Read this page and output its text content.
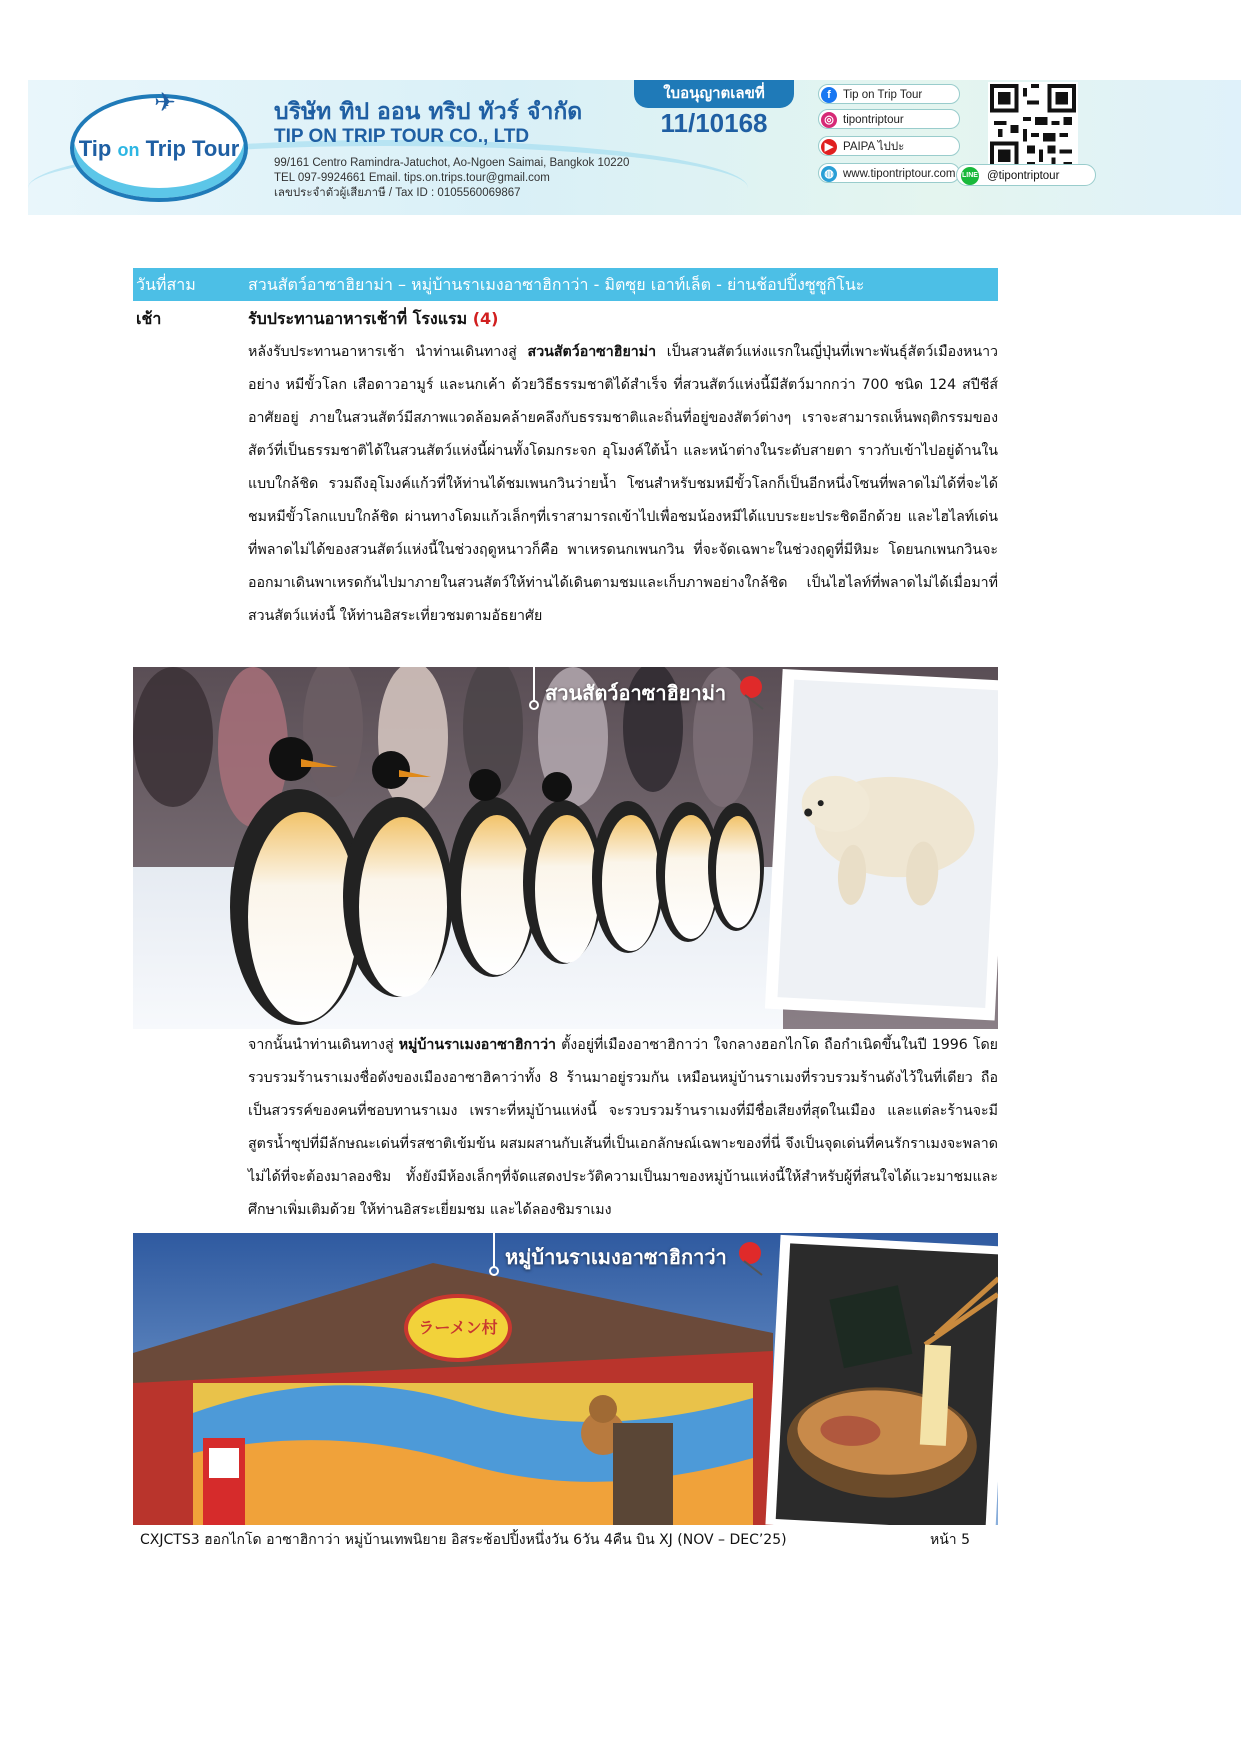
Tip on Trip Tour
✈	บริษัท ทิป ออน ทริป ทัวร์ จำกัด
TIP ON TRIP TOUR CO., LTD
99/161 Centro Ramindra-Jatuchot, Ao-Ngoen Saimai, Bangkok 10220
TEL 097-9924661 Email. tips.on.trips.tour@gmail.com
เลขประจำตัวผู้เสียภาษี / Tax ID : 0105560069867
ใบอนุญาตเลขที่
11/10168
f	Tip on Trip Tour
◎ tipontriptour
▶ PAIPA ไปปะ
◍ www.tipontriptour.com LINE @tipontriptour
วันที่สาม	สวนสัตว์อาซาฮิยาม่า – หมู่บ้านราเมงอาซาฮิกาว่า - มิตซุย เอาท์เล็ต - ย่านช้อปปิ้งซูซูกิโนะ
เช้า	รับประทานอาหารเช้าที่ โรงแรม (4)
หลังรับประทานอาหารเช้า นำท่านเดินทางสู่ สวนสัตว์อาซาฮิยาม่า เป็นสวนสัตว์แห่งแรกในญี่ปุ่นที่เพาะพันธุ์สัตว์เมืองหนาวอย่าง หมีขั้วโลก เสือดาวอามูร์ และนกเค้า ด้วยวิธีธรรมชาติได้สำเร็จ ที่สวนสัตว์แห่งนี้มีสัตว์มากกว่า 700 ชนิด 124 สปีชีส์ อาศัยอยู่ ภายในสวนสัตว์มีสภาพแวดล้อมคล้ายคลึงกับธรรมชาติและถิ่นที่อยู่ของสัตว์ต่างๆ เราจะสามารถเห็นพฤติกรรมของสัตว์ที่เป็นธรรมชาติได้ในสวนสัตว์แห่งนี้ผ่านทั้งโดมกระจก อุโมงค์ใต้น้ำ และหน้าต่างในระดับสายตา ราวกับเข้าไปอยู่ด้านในแบบใกล้ชิด รวมถึงอุโมงค์แก้วที่ให้ท่านได้ชมเพนกวินว่ายน้ำ โซนสำหรับชมหมีขั้วโลกก็เป็นอีกหนึ่งโซนที่พลาดไม่ได้ที่จะได้ชมหมีขั้วโลกแบบใกล้ชิด ผ่านทางโดมแก้วเล็กๆที่เราสามารถเข้าไปเพื่อชมน้องหมีได้แบบระยะประชิดอีกด้วย และไฮไลท์เด่นที่พลาดไม่ได้ของสวนสัตว์แห่งนี้ในช่วงฤดูหนาวก็คือ พาเหรดนกเพนกวิน ที่จะจัดเฉพาะในช่วงฤดูที่มีหิมะ โดยนกเพนกวินจะออกมาเดินพาเหรดกันไปมาภายในสวนสัตว์ให้ท่านได้เดินตามชมและเก็บภาพอย่างใกล้ชิด เป็นไฮไลท์ที่พลาดไม่ได้เมื่อมาที่สวนสัตว์แห่งนี้ ให้ท่านอิสระเที่ยวชมตามอัธยาศัย
สวนสัตว์อาซาฮิยาม่า
จากนั้นนำท่านเดินทางสู่ หมู่บ้านราเมงอาซาฮิกาว่า ตั้งอยู่ที่เมืองอาซาฮิกาว่า ใจกลางฮอกไกโด ถือกำเนิดขึ้นในปี 1996 โดยรวบรวมร้านราเมงชื่อดังของเมืองอาซาฮิคาว่าทั้ง 8 ร้านมาอยู่รวมกัน เหมือนหมู่บ้านราเมงที่รวบรวมร้านดังไว้ในที่เดียว ถือเป็นสวรรค์ของคนที่ชอบทานราเมง เพราะที่หมู่บ้านแห่งนี้ จะรวบรวมร้านราเมงที่มีชื่อเสียงที่สุดในเมือง และแต่ละร้านจะมีสูตรน้ำซุปที่มีลักษณะเด่นที่รสชาติเข้มข้น ผสมผสานกับเส้นที่เป็นเอกลักษณ์เฉพาะของที่นี่ จึงเป็นจุดเด่นที่คนรักราเมงจะพลาดไม่ได้ที่จะต้องมาลองชิม ทั้งยังมีห้องเล็กๆที่จัดแสดงประวัติความเป็นมาของหมู่บ้านแห่งนี้ให้สำหรับผู้ที่สนใจได้แวะมาชมและศึกษาเพิ่มเติมด้วย ให้ท่านอิสระเยี่ยมชม และได้ลองชิมราเมง
ラーメン村
หมู่บ้านราเมงอาซาฮิกาว่า
CXJCTS3 ฮอกไกโด อาซาฮิกาว่า หมู่บ้านเทพนิยาย อิสระช้อปปิ้งหนึ่งวัน 6วัน 4คืน บิน XJ (NOV – DEC’25)	หน้า 5
